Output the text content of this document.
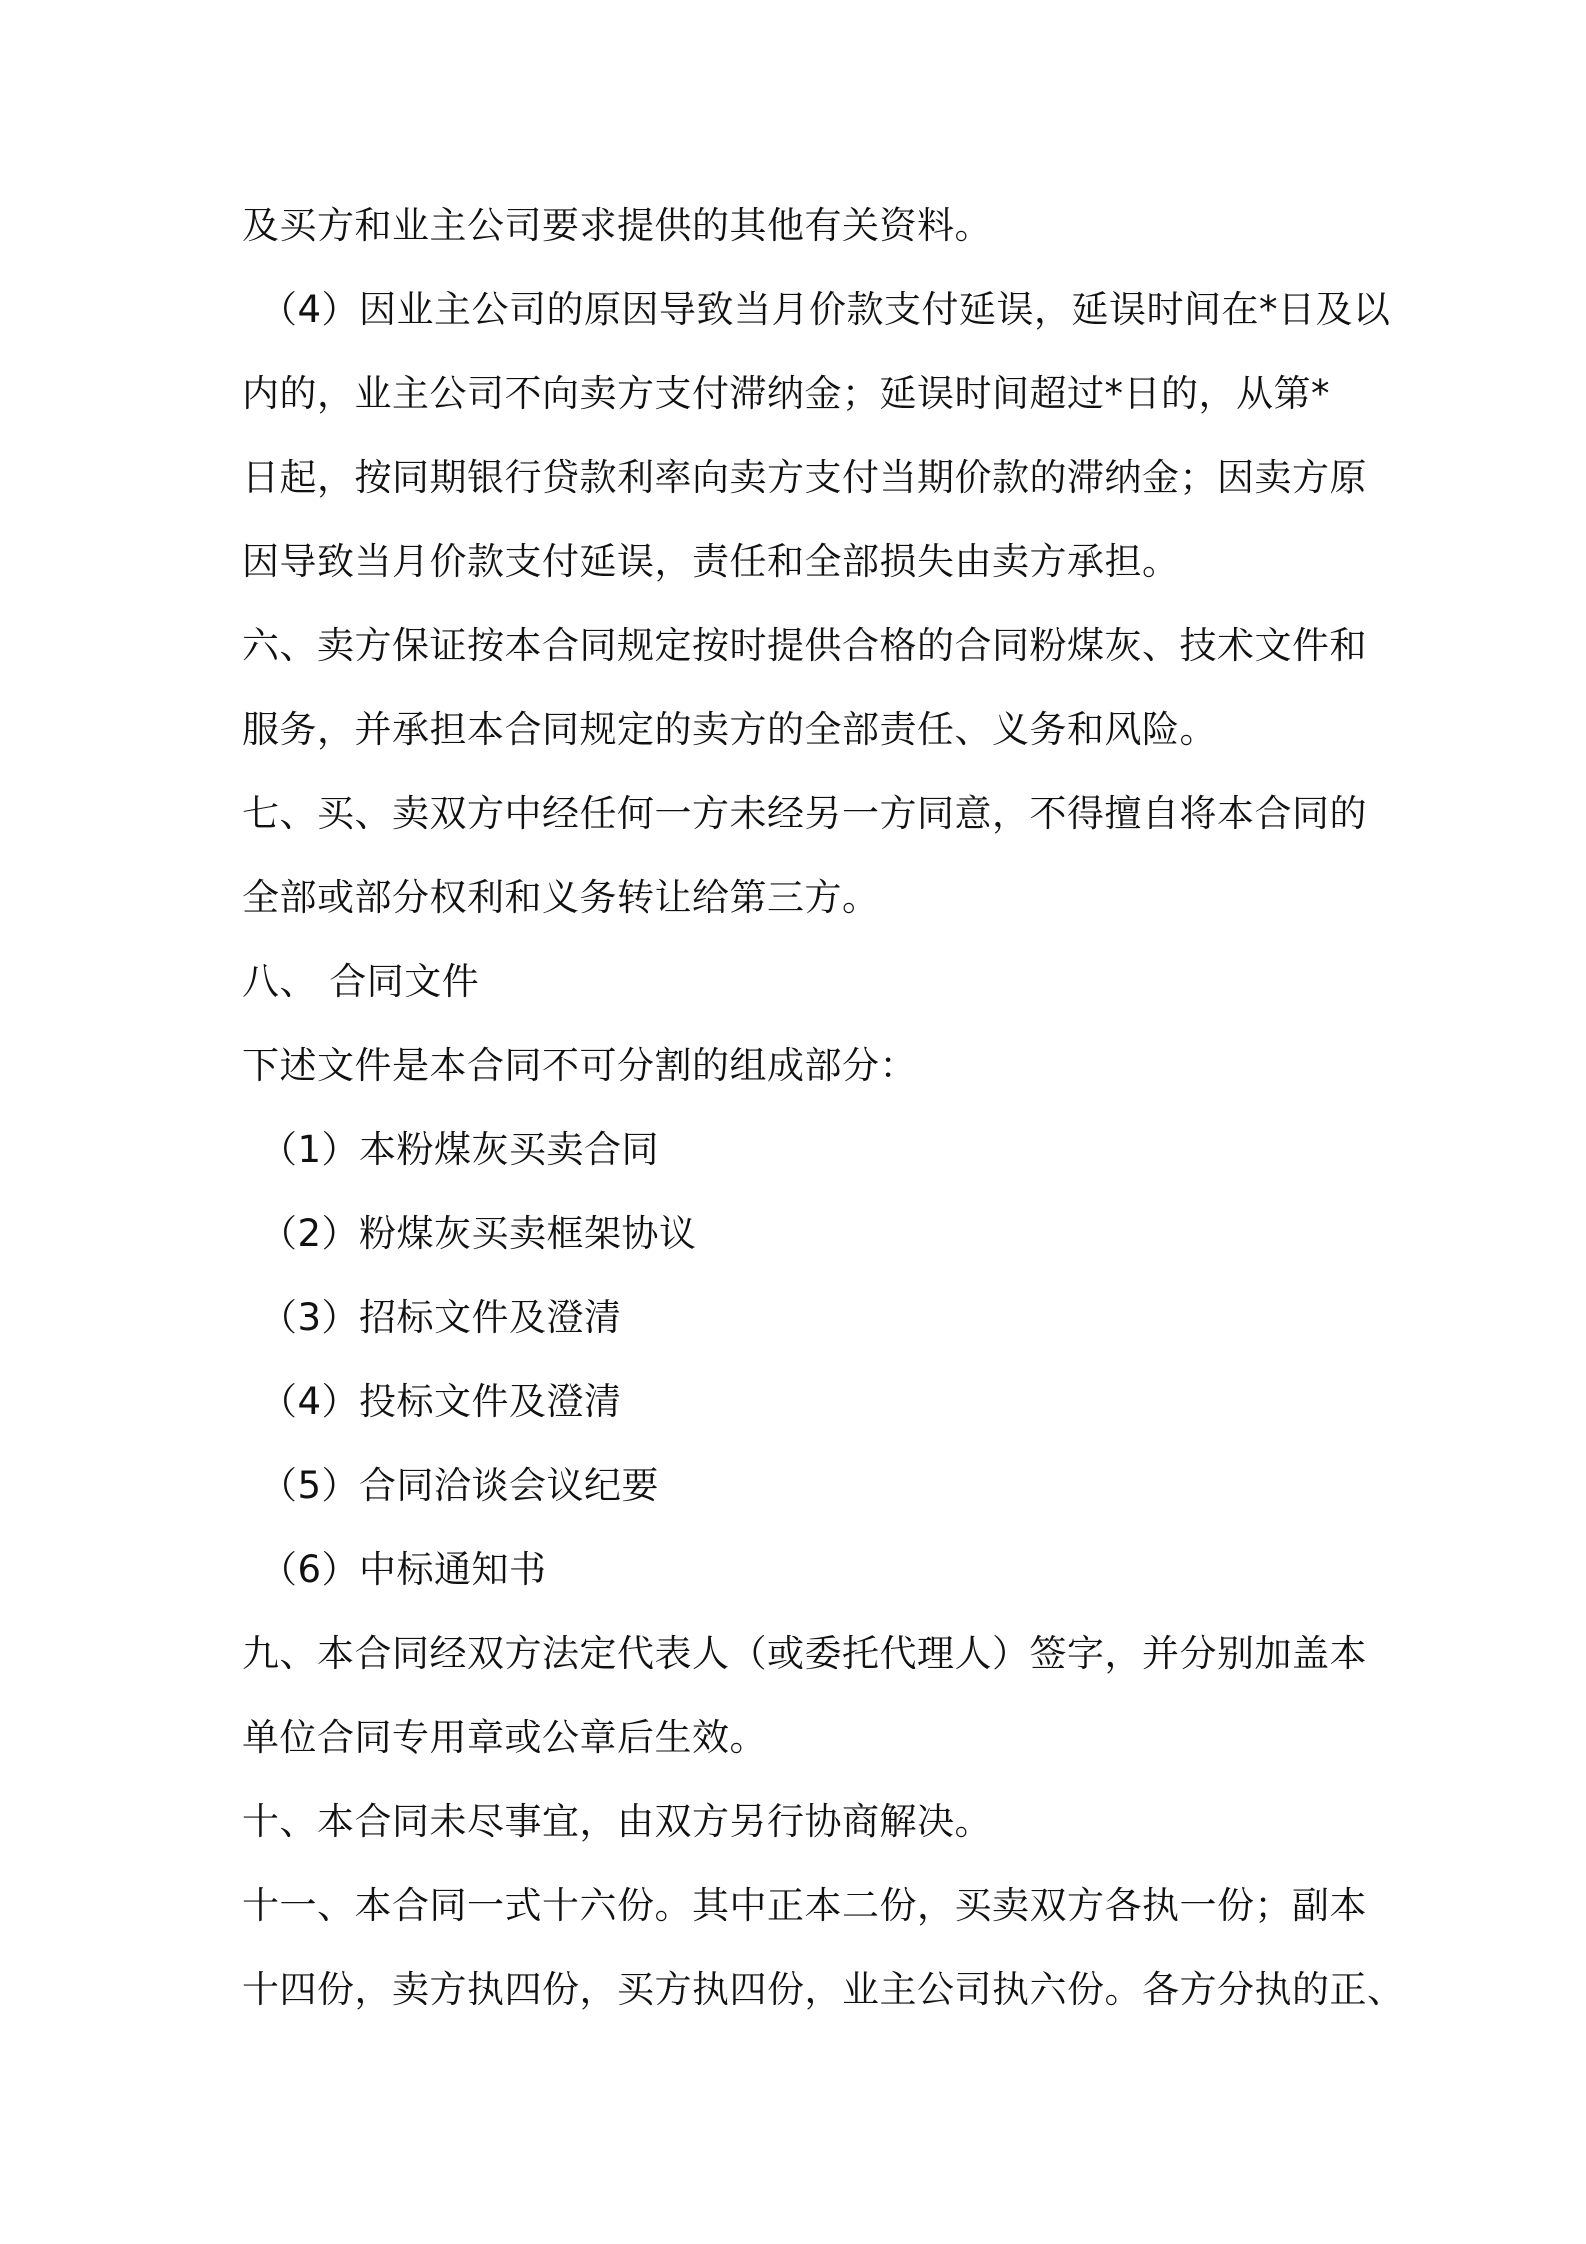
及买方和业主公司要求提供的其他有关资料。
（4）因业主公司的原因导致当月价款支付延误，延误时间在*日及以
内的，业主公司不向卖方支付滞纳金；延误时间超过*日的，从第*
日起，按同期银行贷款利率向卖方支付当期价款的滞纳金；因卖方原
因导致当月价款支付延误，责任和全部损失由卖方承担。
六、卖方保证按本合同规定按时提供合格的合同粉煤灰、技术文件和
服务，并承担本合同规定的卖方的全部责任、义务和风险。
七、买、卖双方中经任何一方未经另一方同意，不得擅自将本合同的
全部或部分权利和义务转让给第三方。
八、 合同文件
下述文件是本合同不可分割的组成部分：
（1）本粉煤灰买卖合同
（2）粉煤灰买卖框架协议
（3）招标文件及澄清
（4）投标文件及澄清
（5）合同洽谈会议纪要
（6）中标通知书
九、本合同经双方法定代表人（或委托代理人）签字，并分别加盖本
单位合同专用章或公章后生效。
十、本合同未尽事宜，由双方另行协商解决。
十一、本合同一式十六份。其中正本二份，买卖双方各执一份；副本
十四份，卖方执四份，买方执四份，业主公司执六份。各方分执的正、
